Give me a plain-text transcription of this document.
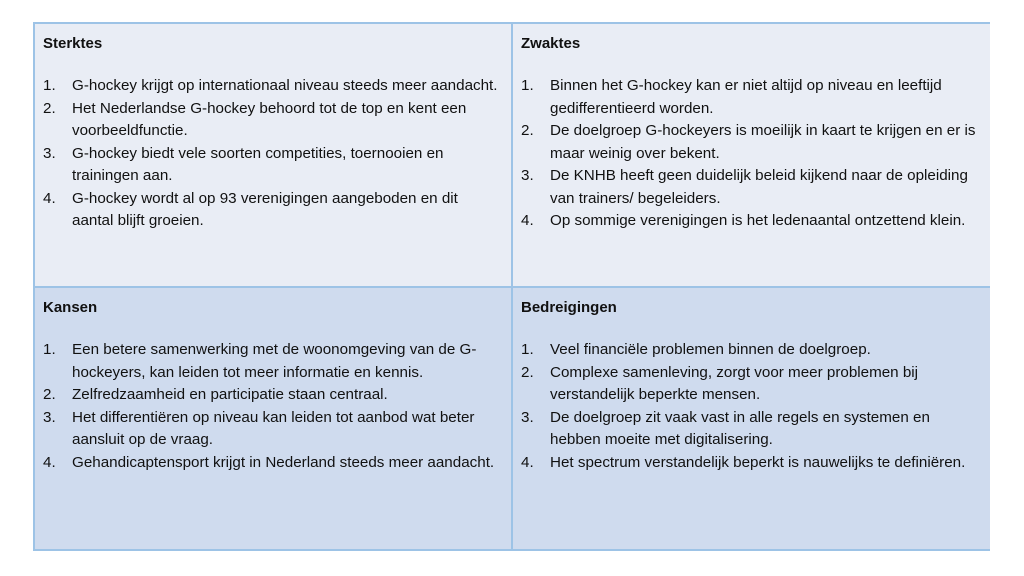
Sterktes
1.	G-hockey krijgt op internationaal niveau steeds meer aandacht.
2.	Het Nederlandse G-hockey behoord tot de top en kent een voorbeeldfunctie.
3.	G-hockey biedt vele soorten competities, toernooien en trainingen aan.
4.	G-hockey wordt al op 93 verenigingen aangeboden en dit aantal blijft groeien.
Zwaktes
1.	Binnen het G-hockey kan er niet altijd op niveau en leeftijd gedifferentieerd worden.
2.	De doelgroep G-hockeyers is moeilijk in kaart te krijgen en er is maar weinig over bekent.
3.	De KNHB heeft geen duidelijk beleid kijkend naar de opleiding van trainers/ begeleiders.
4.	Op sommige verenigingen is het ledenaantal ontzettend klein.
Kansen
1.	Een betere samenwerking met de woonomgeving van de G-hockeyers, kan leiden tot meer informatie en kennis.
2.	Zelfredzaamheid en participatie staan centraal.
3.	Het differentiëren op niveau kan leiden tot aanbod wat beter aansluit op de vraag.
4.	Gehandicaptensport krijgt in Nederland steeds meer aandacht.
Bedreigingen
1.	Veel financiële problemen binnen de doelgroep.
2.	Complexe samenleving, zorgt voor meer problemen bij verstandelijk beperkte mensen.
3.	De doelgroep zit vaak vast in alle regels en systemen en hebben moeite met digitalisering.
4.	Het spectrum verstandelijk beperkt is nauwelijks te definiëren.
